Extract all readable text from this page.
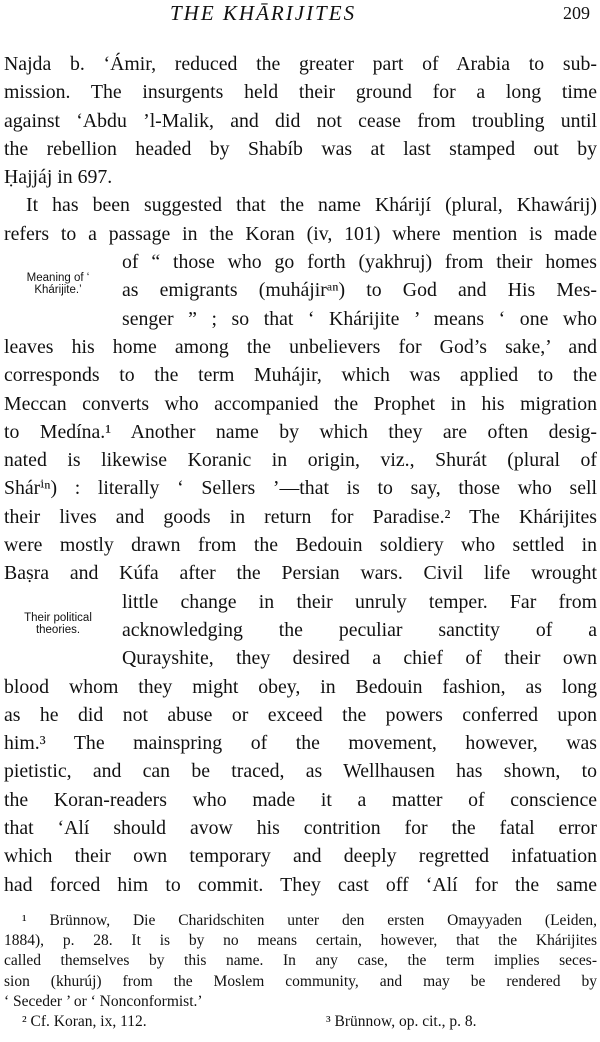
THE KHĀRIJITES	209
Meaning of ‘ Khárijite.’
Their political theories.
Najda b. ‘Ámir, reduced the greater part of Arabia to sub-
mission. The insurgents held their ground for a long time
against ‘Abdu ’l-Malik, and did not cease from troubling until
the rebellion headed by Shabíb was at last stamped out by
Ḥajjáj in 697.
It has been suggested that the name Khárijí (plural, Khawárij)
refers to a passage in the Koran (iv, 101) where mention is made
of “ those who go forth (yakhruj) from their homes
as emigrants (muhájirᵃⁿ) to God and His Mes-
senger ” ; so that ‘ Khárijite ’ means ‘ one who
leaves his home among the unbelievers for God’s sake,’ and
corresponds to the term Muhájir, which was applied to the
Meccan converts who accompanied the Prophet in his migration
to Medína.¹ Another name by which they are often desig-
nated is likewise Koranic in origin, viz., Shurát (plural of
Shárⁱⁿ) : literally ‘ Sellers ’—that is to say, those who sell
their lives and goods in return for Paradise.² The Khárijites
were mostly drawn from the Bedouin soldiery who settled in
Baṣra and Kúfa after the Persian wars. Civil life wrought
little change in their unruly temper. Far from
acknowledging the peculiar sanctity of a
Qurayshite, they desired a chief of their own
blood whom they might obey, in Bedouin fashion, as long
as he did not abuse or exceed the powers conferred upon
him.³ The mainspring of the movement, however, was
pietistic, and can be traced, as Wellhausen has shown, to
the Koran-readers who made it a matter of conscience
that ‘Alí should avow his contrition for the fatal error
which their own temporary and deeply regretted infatuation
had forced him to commit. They cast off ‘Alí for the same
¹ Brünnow, Die Charidschiten unter den ersten Omayyaden (Leiden,
1884), p. 28. It is by no means certain, however, that the Khárijites
called themselves by this name. In any case, the term implies seces-
sion (khurúj) from the Moslem community, and may be rendered by
‘ Seceder ’ or ‘ Nonconformist.’
² Cf. Koran, ix, 112.	³ Brünnow, op. cit., p. 8.
